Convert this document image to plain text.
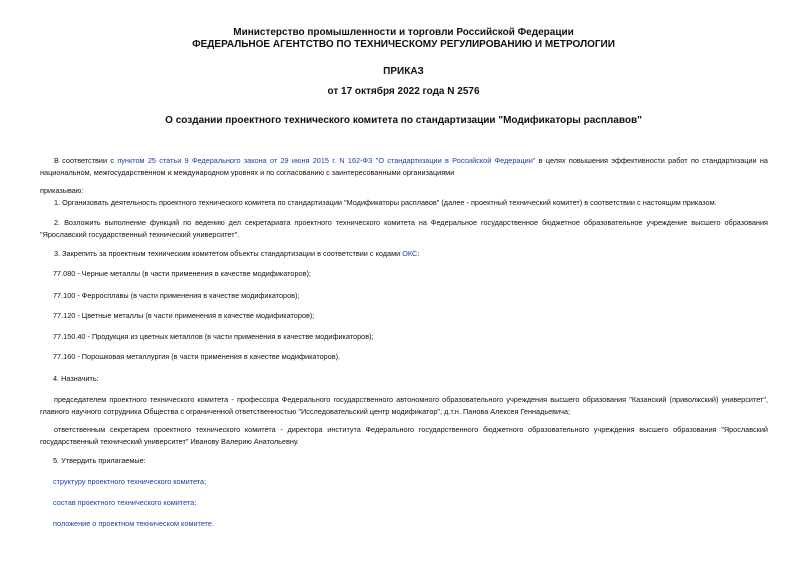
Министерство промышленности и торговли Российской Федерации
ФЕДЕРАЛЬНОЕ АГЕНТСТВО ПО ТЕХНИЧЕСКОМУ РЕГУЛИРОВАНИЮ И МЕТРОЛОГИИ
ПРИКАЗ
от 17 октября 2022 года N 2576
О создании проектного технического комитета по стандартизации "Модификаторы расплавов"
В соответствии с пунктом 25 статьи 9 Федерального закона от 29 июня 2015 г. N 162-ФЗ "О стандартизации в Российской Федерации" в целях повышения эффективности работ по стандартизации на национальном, межгосударственном и международном уровнях и по согласованию с заинтересованными организациями
приказываю:
1. Организовать деятельность проектного технического комитета по стандартизации "Модификаторы расплавов" (далее - проектный технический комитет) в соответствии с настоящим приказом.
2. Возложить выполнение функций по ведению дел секретариата проектного технического комитета на Федеральное государственное бюджетное образовательное учреждение высшего образования "Ярославский государственный технический университет".
3. Закрепить за проектным техническим комитетом объекты стандартизации в соответствии с кодами ОКС:
77.080 - Черные металлы (в части применения в качестве модификаторов);
77.100 - Ферросплавы (в части применения в качестве модификаторов);
77.120 - Цветные металлы (в части применения в качестве модификаторов);
77.150.40 - Продукция из цветных металлов (в части применения в качестве модификаторов);
77.160 - Порошковая металлургия (в части применения в качестве модификаторов).
4. Назначить:
председателем проектного технического комитета - профессора Федерального государственного автономного образовательного учреждения высшего образования "Казанский (приволжский) университет", главного научного сотрудника Общества с ограниченной ответственностью "Исследовательский центр модификатор", д.т.н. Панова Алексея Геннадьевича;
ответственным секретарем проектного технического комитета - директора института Федерального государственного бюджетного образовательного учреждения высшего образования "Ярославский государственный технический университет" Иванову Валерию Анатольевну.
5. Утвердить прилагаемые:
структуру проектного технического комитета;
состав проектного технического комитета;
положение о проектном техническом комитете.
